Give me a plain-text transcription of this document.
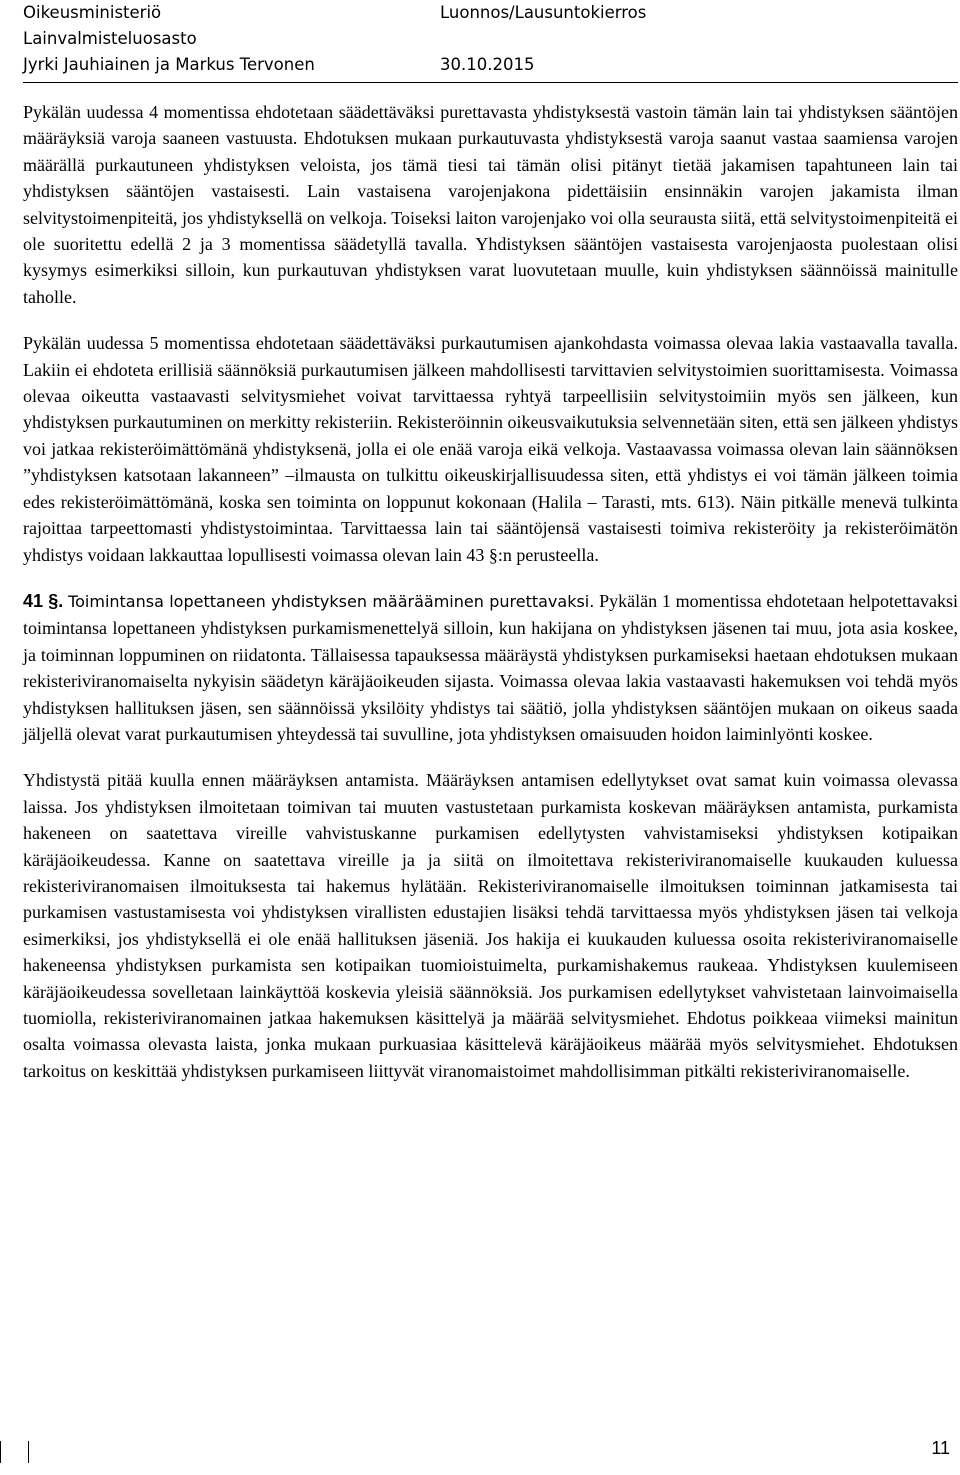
Oikeusministeriö	Luonnos/Lausuntokierros
Lainvalmisteluosasto
Jyrki Jauhiainen ja Markus Tervonen	30.10.2015

Pykälän uudessa 4 momentissa ehdotetaan säädettäväksi purettavasta yhdistyksestä vastoin tämän lain tai yhdistyksen sääntöjen määräyksiä varoja saaneen vastuusta. Ehdotuksen mukaan purkautuvasta yhdistyksestä varoja saanut vastaa saamiensa varojen määrällä purkautuneen yhdistyksen veloista, jos tämä tiesi tai tämän olisi pitänyt tietää jakamisen tapahtuneen lain tai yhdistyksen sääntöjen vastaisesti. Lain vastaisena varojenjakona pidettäisiin ensinnäkin varojen jakamista ilman selvitystoimenpiteitä, jos yhdistyksellä on velkoja. Toiseksi laiton varojenjako voi olla seurausta siitä, että selvitystoimenpiteitä ei ole suoritettu edellä 2 ja 3 momentissa säädetyllä tavalla. Yhdistyksen sääntöjen vastaisesta varojenjaosta puolestaan olisi kysymys esimerkiksi silloin, kun purkautuvan yhdistyksen varat luovutetaan muulle, kuin yhdistyksen säännöissä mainitulle taholle.

Pykälän uudessa 5 momentissa ehdotetaan säädettäväksi purkautumisen ajankohdasta voimassa olevaa lakia vastaavalla tavalla. Lakiin ei ehdoteta erillisiä säännöksiä purkautumisen jälkeen mahdollisesti tarvittavien selvitystoimien suorittamisesta. Voimassa olevaa oikeutta vastaavasti selvitysmiehet voivat tarvittaessa ryhtyä tarpeellisiin selvitystoimiin myös sen jälkeen, kun yhdistyksen purkautuminen on merkitty rekisteriin. Rekisteröinnin oikeusvaikutuksia selvennetään siten, että sen jälkeen yhdistys voi jatkaa rekisteröimättömänä yhdistyksenä, jolla ei ole enää varoja eikä velkoja. Vastaavassa voimassa olevan lain säännöksen ”yhdistyksen katsotaan lakanneen” –ilmausta on tulkittu oikeuskirjallisuudessa siten, että yhdistys ei voi tämän jälkeen toimia edes rekisteröimättömänä, koska sen toiminta on loppunut kokonaan (Halila – Tarasti, mts. 613). Näin pitkälle menevä tulkinta rajoittaa tarpeettomasti yhdistystoimintaa. Tarvittaessa lain tai sääntöjensä vastaisesti toimiva rekisteröity ja rekisteröimätön yhdistys voidaan lakkauttaa lopullisesti voimassa olevan lain 43 §:n perusteella.

41 §. Toimintansa lopettaneen yhdistyksen määrääminen purettavaksi. Pykälän 1 momentissa ehdotetaan helpotettavaksi toimintansa lopettaneen yhdistyksen purkamismenettelyä silloin, kun hakijana on yhdistyksen jäsenen tai muu, jota asia koskee, ja toiminnan loppuminen on riidatonta. Tällaisessa tapauksessa määräystä yhdistyksen purkamiseksi haetaan ehdotuksen mukaan rekisteriviranomaiselta nykyisin säädetyn käräjäoikeuden sijasta. Voimassa olevaa lakia vastaavasti hakemuksen voi tehdä myös yhdistyksen hallituksen jäsen, sen säännöissä yksilöity yhdistys tai säätiö, jolla yhdistyksen sääntöjen mukaan on oikeus saada jäljellä olevat varat purkautumisen yhteydessä tai suvulline, jota yhdistyksen omaisuuden hoidon laiminlyönti koskee.

Yhdistystä pitää kuulla ennen määräyksen antamista. Määräyksen antamisen edellytykset ovat samat kuin voimassa olevassa laissa. Jos yhdistyksen ilmoitetaan toimivan tai muuten vastustetaan purkamista koskevan määräyksen antamista, purkamista hakeneen on saatettava vireille vahvistuskanne purkamisen edellytysten vahvistamiseksi yhdistyksen kotipaikan käräjäoikeudessa. Kanne on saatettava vireille ja ja siitä on ilmoitettava rekisteriviranomaiselle kuukauden kuluessa rekisteriviranomaisen ilmoituksesta tai hakemus hylätään. Rekisteriviranomaiselle ilmoituksen toiminnan jatkamisesta tai purkamisen vastustamisesta voi yhdistyksen virallisten edustajien lisäksi tehdä tarvittaessa myös yhdistyksen jäsen tai velkoja esimerkiksi, jos yhdistyksellä ei ole enää hallituksen jäseniä. Jos hakija ei kuukauden kuluessa osoita rekisteriviranomaiselle hakeneensa yhdistyksen purkamista sen kotipaikan tuomioistuimelta, purkamishakemus raukeaa. Yhdistyksen kuulemiseen käräjäoikeudessa sovelletaan lainkäyttöä koskevia yleisiä säännöksiä. Jos purkamisen edellytykset vahvistetaan lainvoimaisella tuomiolla, rekisteriviranomainen jatkaa hakemuksen käsittelyä ja määrää selvitysmiehet. Ehdotus poikkeaa viimeksi mainitun osalta voimassa olevasta laista, jonka mukaan purkuasiaa käsittelevä käräjäoikeus määrää myös selvitysmiehet. Ehdotuksen tarkoitus on keskittää yhdistyksen purkamiseen liittyvät viranomaistoimet mahdollisimman pitkälti rekisteriviranomaiselle.

11
